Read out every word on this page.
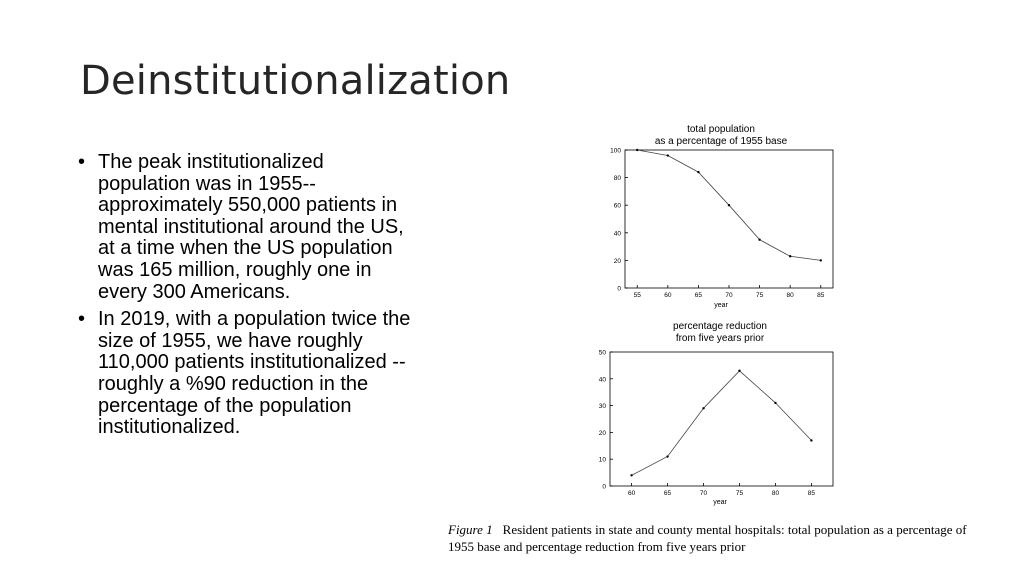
Deinstitutionalization
• The peak institutionalized population was in 1955-- approximately 550,000 patients in mental institutional around the US, at a time when the US population was 165 million, roughly one in every 300 Americans.
• In 2019, with a population twice the size of 1955, we have roughly 110,000 patients institutionalized -- roughly a %90 reduction in the percentage of the population institutionalized.
total population
as a percentage of 1955 base
0
20
40
60
80
100
55	60	65	70	75	80	85
year
percentage reduction
from five years prior
0
10
20
30
40
50
60	65	70	75	80	85
year
Figure 1 Resident patients in state and county mental hospitals: total population as a percentage of 1955 base and percentage reduction from five years prior
